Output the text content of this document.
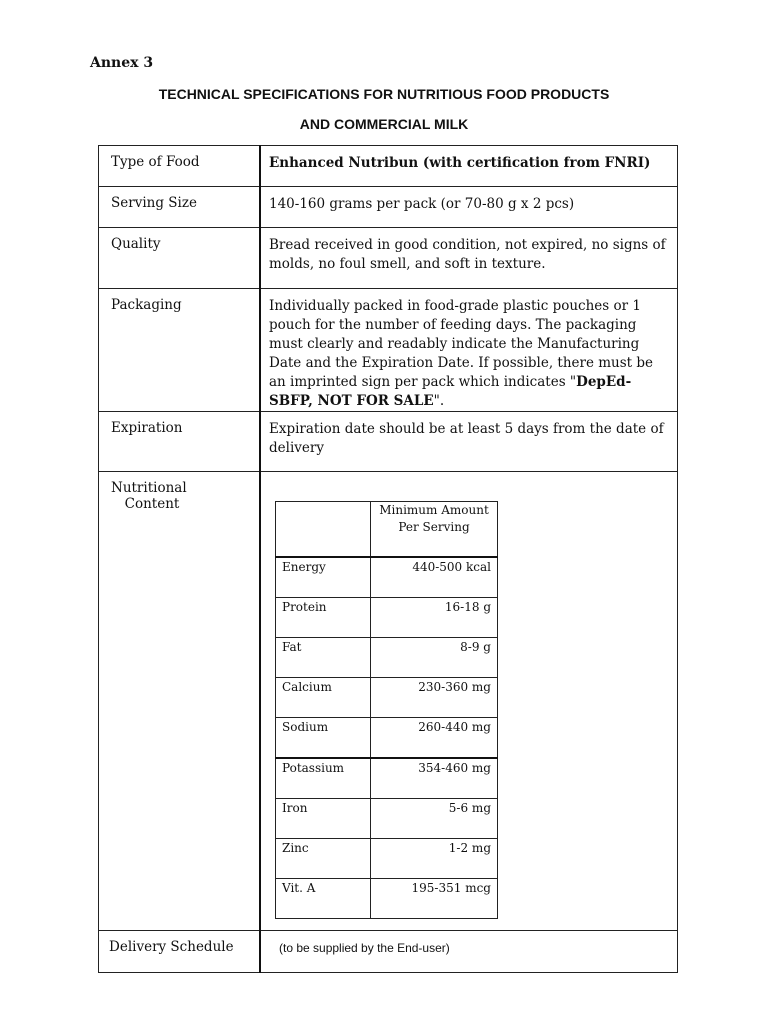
Annex 3
TECHNICAL SPECIFICATIONS FOR NUTRITIOUS FOOD PRODUCTS
AND COMMERCIAL MILK
Type of Food	Enhanced Nutribun (with certification from FNRI)
Serving Size	140-160 grams per pack (or 70-80 g x 2 pcs)
Quality	Bread received in good condition, not expired, no signs of molds, no foul smell, and soft in texture.
Packaging	Individually packed in food-grade plastic pouches or 1 pouch for the number of feeding days. The packaging must clearly and readably indicate the Manufacturing Date and the Expiration Date. If possible, there must be an imprinted sign per pack which indicates "DepEd-SBFP, NOT FOR SALE".
Expiration	Expiration date should be at least 5 days from the date of delivery

Nutritional
Content

		Minimum Amount
Per Serving

Energy	440-500 kcal
Protein	16-18 g
Fat	8-9 g
Calcium	230-360 mg
Sodium	260-440 mg
Potassium	354-460 mg
Iron	5-6 mg
Zinc	1-2 mg
Vit. A	195-351 mcg

Delivery Schedule	(to be supplied by the End-user)
